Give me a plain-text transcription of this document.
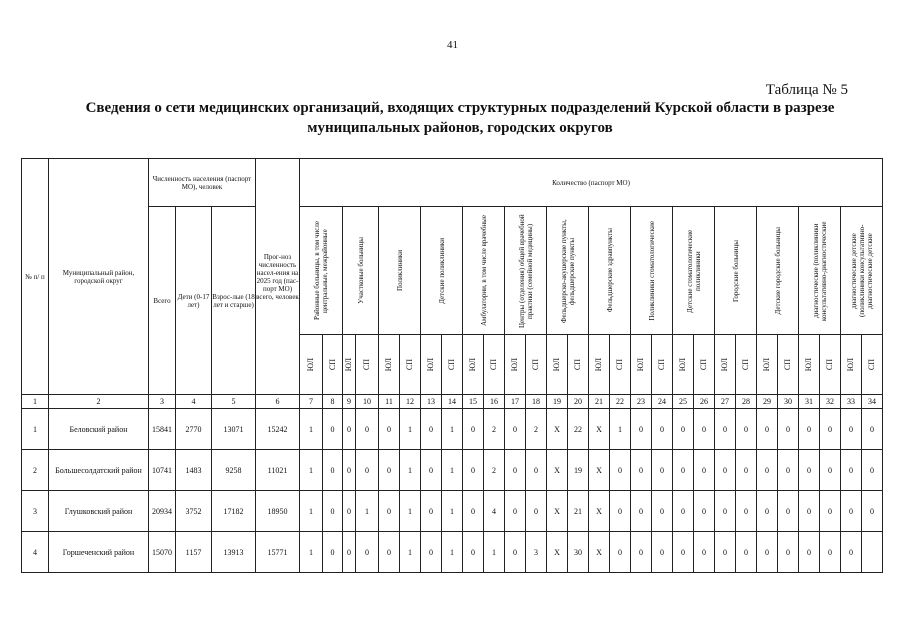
41
Таблица № 5
Сведения о сети медицинских организаций, входящих структурных подразделений Курской области в разрезе муниципальных районов, городских округов
№ п/ п	Муниципальный район, городской округ	Численность населения (паспорт МО), человек			Прог-ноз численность насел-ения на 2025 год (пас-порт МО) всего, человек	Количество (паспорт МО)																											
		Всего	Дети (0-17 лет)	Взрос-лые (18 лет и старше)		Районные больницы, в том числе центральные, межрайонные		Участковые больницы		Поликлиники		Детские поликлиники		Амбулатории, в том числе врачебные		Центры (отделения) общей врачебной практики (семейной медицины)		Фельдшерско-акушерские пункты, фельдшерские пункты		Фельдшерские здравпункты		Поликлиники стоматологические		Детские стоматологические поликлиники		Городские больницы		Детские городские больницы		диагностические (поликлиники консультативно-диагностические		диагностические детские (поликлиники консультативно-диагностические детские	

						ЮЛ	СП	ЮЛ	СП	ЮЛ	СП	ЮЛ	СП	ЮЛ	СП	ЮЛ	СП	ЮЛ	СП	ЮЛ	СП	ЮЛ	СП	ЮЛ	СП	ЮЛ	СП	ЮЛ	СП	ЮЛ	СП	ЮЛ	СП

1	2	3	4	5	6	7	8	9	10	11	12	13	14	15	16	17	18	19	20	21	22	23	24	25	26	27	28	29	30	31	32	33	34
1	Беловский район	15841	2770	13071	15242	1	0	0	0	0	1	0	1	0	2	0	2	Х	22	Х	1	0	0	0	0	0	0	0	0	0	0	0	0
2	Большесолдатский район	10741	1483	9258	11021	1	0	0	0	0	1	0	1	0	2	0	0	Х	19	Х	0	0	0	0	0	0	0	0	0	0	0	0	0
3	Глушковский район	20934	3752	17182	18950	1	0	0	1	0	1	0	1	0	4	0	0	Х	21	Х	0	0	0	0	0	0	0	0	0	0	0	0	0
4	Горшеченский район	15070	1157	13913	15771	1	0	0	0	0	1	0	1	0	1	0	3	Х	30	Х	0	0	0	0	0	0	0	0	0	0	0	0	
